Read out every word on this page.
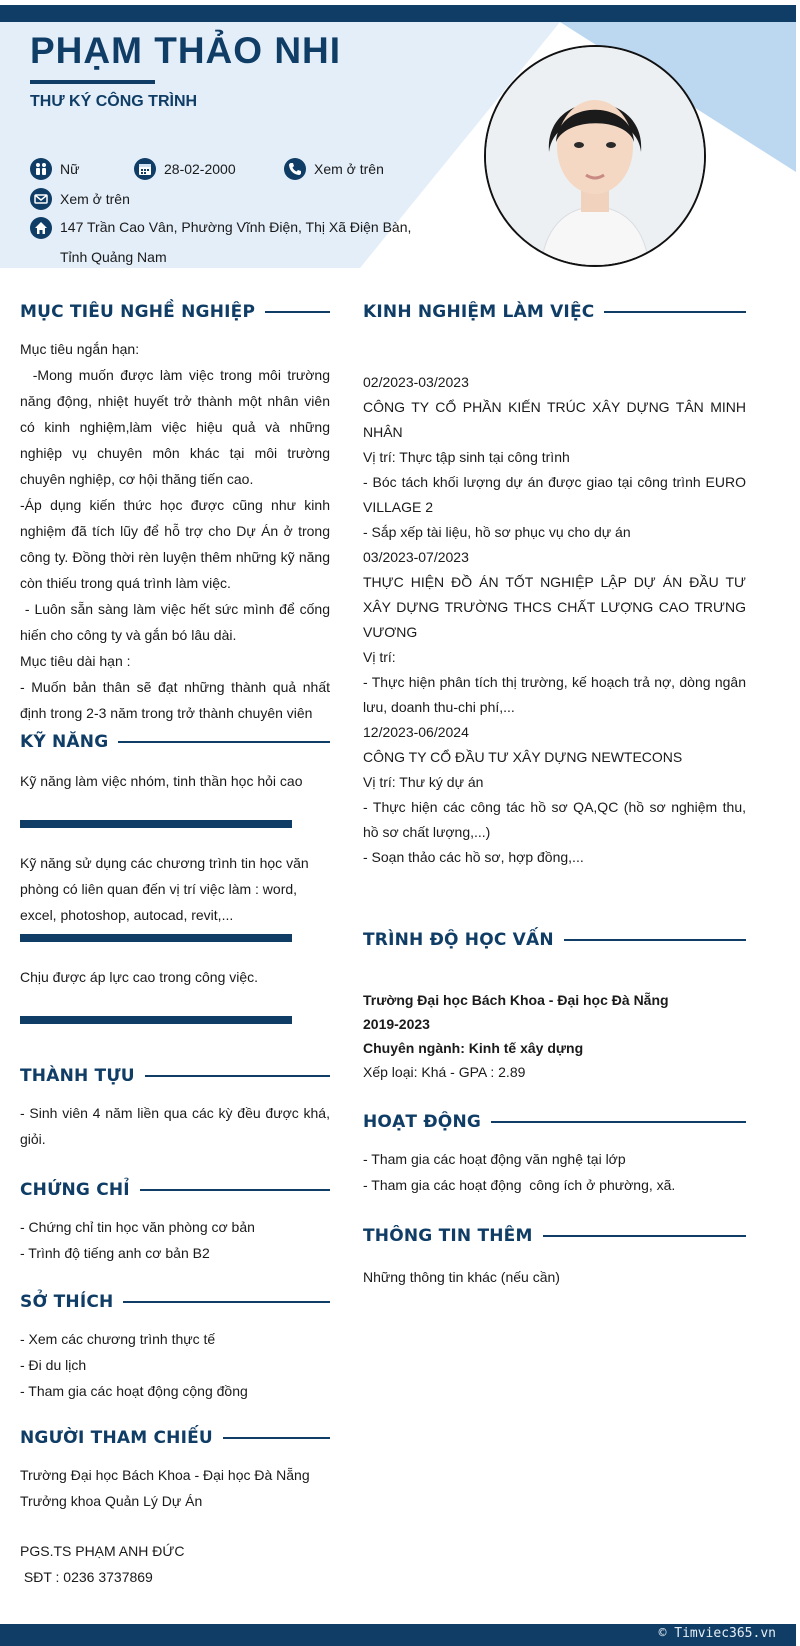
PHẠM THẢO NHI
THƯ KÝ CÔNG TRÌNH
Nữ	28-02-2000	Xem ở trên
Xem ở trên
147 Trần Cao Vân, Phường Vĩnh Điện, Thị Xã Điện Bàn, Tỉnh Quảng Nam
MỤC TIÊU NGHỀ NGHIỆP
Mục tiêu ngắn hạn:
-Mong muốn được làm việc trong môi trường năng động, nhiệt huyết trở thành một nhân viên có kinh nghiệm,làm việc hiệu quả và những nghiệp vụ chuyên môn khác tại môi trường chuyên nghiệp, cơ hội thăng tiến cao.
-Áp dụng kiến thức học được cũng như kinh nghiệm đã tích lũy để hỗ trợ cho Dự Án ở trong công ty. Đồng thời rèn luyện thêm những kỹ năng còn thiếu trong quá trình làm việc.
- Luôn sẵn sàng làm việc hết sức mình để cống hiến cho công ty và gắn bó lâu dài.
Mục tiêu dài hạn :
- Muốn bản thân sẽ đạt những thành quả nhất định trong 2-3 năm trong trở thành chuyên viên
KỸ NĂNG
Kỹ năng làm việc nhóm, tinh thần học hỏi cao
Kỹ năng sử dụng các chương trình tin học văn phòng có liên quan đến vị trí việc làm : word, excel, photoshop, autocad, revit,...
Chịu được áp lực cao trong công việc.
THÀNH TỰU
- Sinh viên 4 năm liền qua các kỳ đều được khá, giỏi.
CHỨNG CHỈ
- Chứng chỉ tin học văn phòng cơ bản
- Trình độ tiếng anh cơ bản B2
SỞ THÍCH
- Xem các chương trình thực tế
- Đi du lịch
- Tham gia các hoạt động cộng đồng
NGƯỜI THAM CHIẾU
Trường Đại học Bách Khoa - Đại học Đà Nẵng
Trưởng khoa Quản Lý Dự Án
PGS.TS PHẠM ANH ĐỨC
SĐT : 0236 3737869
KINH NGHIỆM LÀM VIỆC
02/2023-03/2023
CÔNG TY CỔ PHẦN KIẾN TRÚC XÂY DỰNG TÂN MINH NHÂN
Vị trí: Thực tập sinh tại công trình
- Bóc tách khối lượng dự án được giao tại công trình EURO VILLAGE 2
- Sắp xếp tài liệu, hồ sơ phục vụ cho dự án
03/2023-07/2023
THỰC HIỆN ĐỒ ÁN TỐT NGHIỆP LẬP DỰ ÁN ĐẦU TƯ XÂY DỰNG TRƯỜNG THCS CHẤT LƯỢNG CAO TRƯNG VƯƠNG
Vị trí:
- Thực hiện phân tích thị trường, kế hoạch trả nợ, dòng ngân lưu, doanh thu-chi phí,...
12/2023-06/2024
CÔNG TY CỔ ĐẦU TƯ XÂY DỰNG NEWTECONS
Vị trí: Thư ký dự án
- Thực hiện các công tác hồ sơ QA,QC (hồ sơ nghiệm thu, hồ sơ chất lượng,...)
- Soạn thảo các hồ sơ, hợp đồng,...
TRÌNH ĐỘ HỌC VẤN
Trường Đại học Bách Khoa - Đại học Đà Nẵng
2019-2023
Chuyên ngành: Kinh tế xây dựng
Xếp loại: Khá - GPA : 2.89
HOẠT ĐỘNG
- Tham gia các hoạt động văn nghệ tại lớp
- Tham gia các hoạt động  công ích ở phường, xã.
THÔNG TIN THÊM
Những thông tin khác (nếu cần)
© Timviec365.vn
